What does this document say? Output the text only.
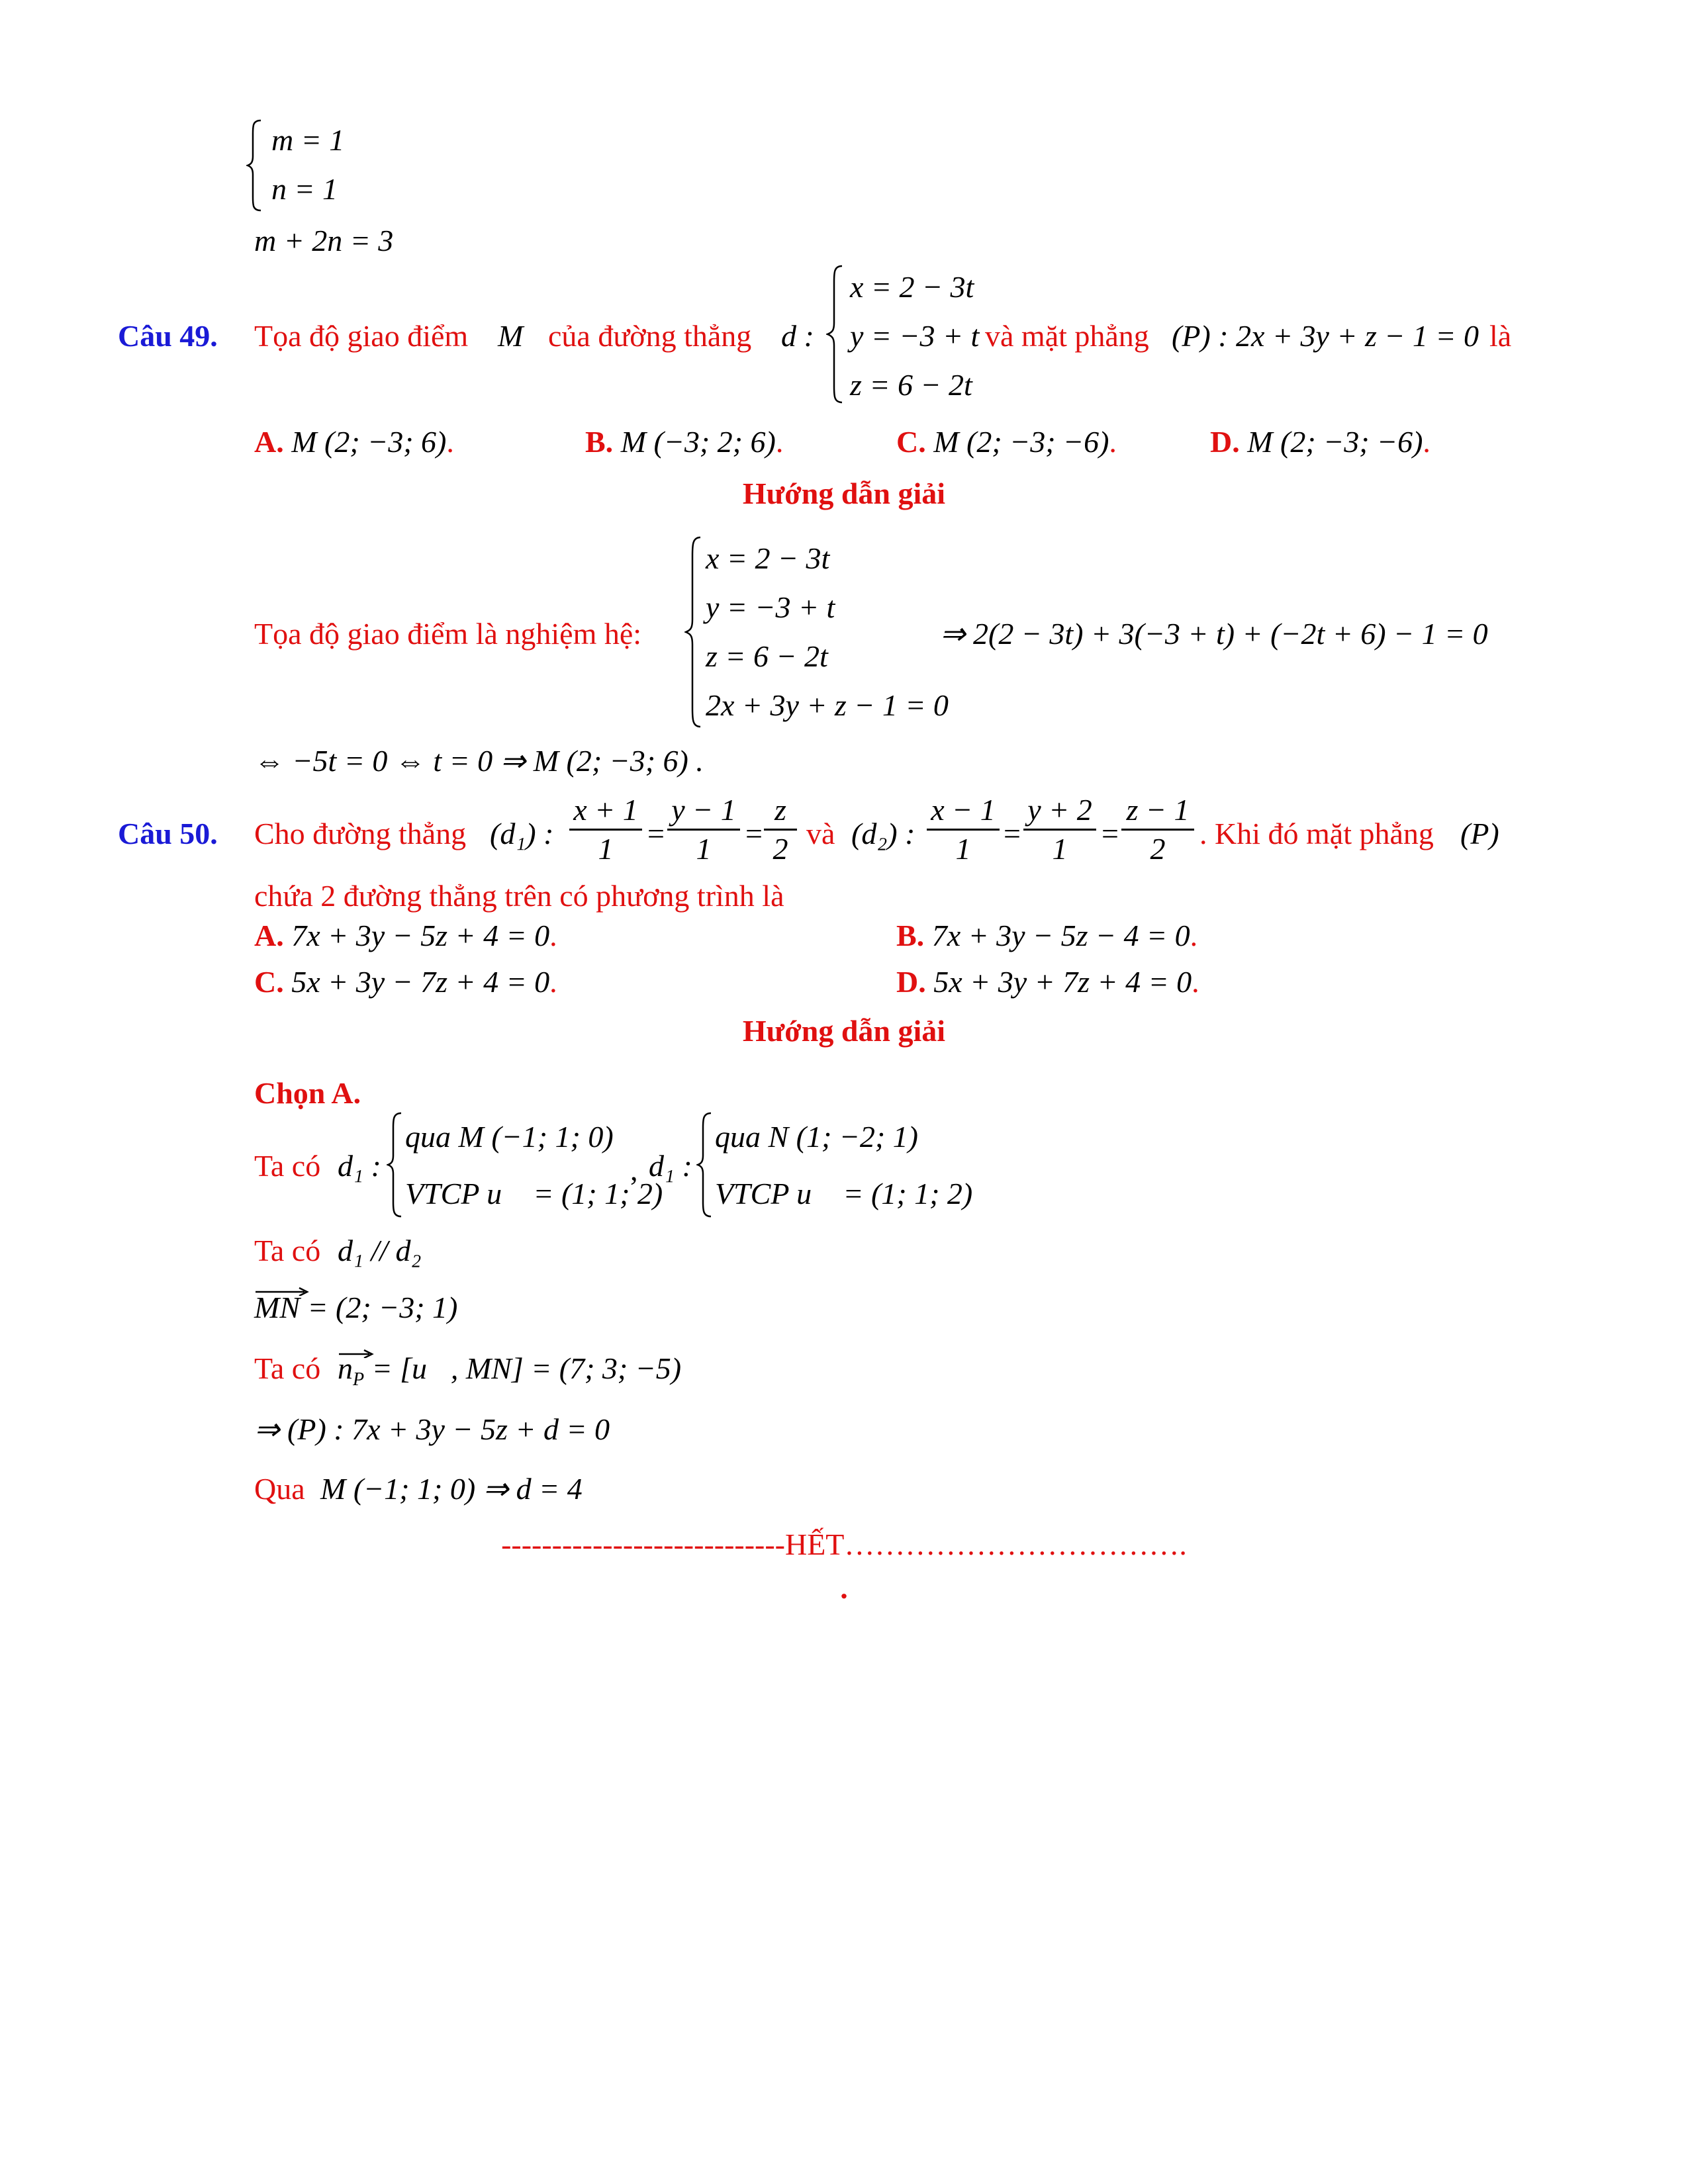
m = 1
n = 1
m + 2n = 3
Câu 49. Tọa độ giao điểm M của đường thẳng d :
x = 2 − 3t
y = −3 + t
z = 6 − 2t
và mặt phẳng (P) : 2x + 3y + z − 1 = 0 là
A. M (2; −3; 6).	B. M (−3; 2; 6).	C. M (2; −3; −6).	D. M (2; −3; −6).
Hướng dẫn giải
Tọa độ giao điểm là nghiệm hệ:
x = 2 − 3t
y = −3 + t
z = 6 − 2t
2x + 3y + z − 1 = 0
⇒ 2(2 − 3t) + 3(−3 + t) + (−2t + 6) − 1 = 0
⇔ −5t = 0 ⇔ t = 0 ⇒ M (2; −3; 6) .
Câu 50. Cho đường thẳng (d₁) :
x + 1
1	=
y − 1
1	=
z
2 và (d₂) :
x − 1
1	=
y + 2
1	=
z − 1
2	. Khi đó mặt phẳng (P)
chứa 2 đường thẳng trên có phương trình là
A. 7x + 3y − 5z + 4 = 0.	B. 7x + 3y − 5z − 4 = 0.
C. 5x + 3y − 7z + 4 = 0.	D. 5x + 3y + 7z + 4 = 0.
Hướng dẫn giải
Chọn A.
Ta có d₁ :
qua M (−1; 1; 0)
VTCP u⃗ = (1; 1; 2)
, d₁ :
qua N (1; −2; 1)
VTCP u⃗ = (1; 1; 2)
Ta có d₁ // d₂
MN = (2; −3; 1)
Ta có $n_P$ = [u⃗, MN] = (7; 3; −5)
⇒ (P) : 7x + 3y − 5z + d = 0
Qua M (−1; 1; 0) ⇒ d = 4
----------------------------HẾT…………………………….
.
